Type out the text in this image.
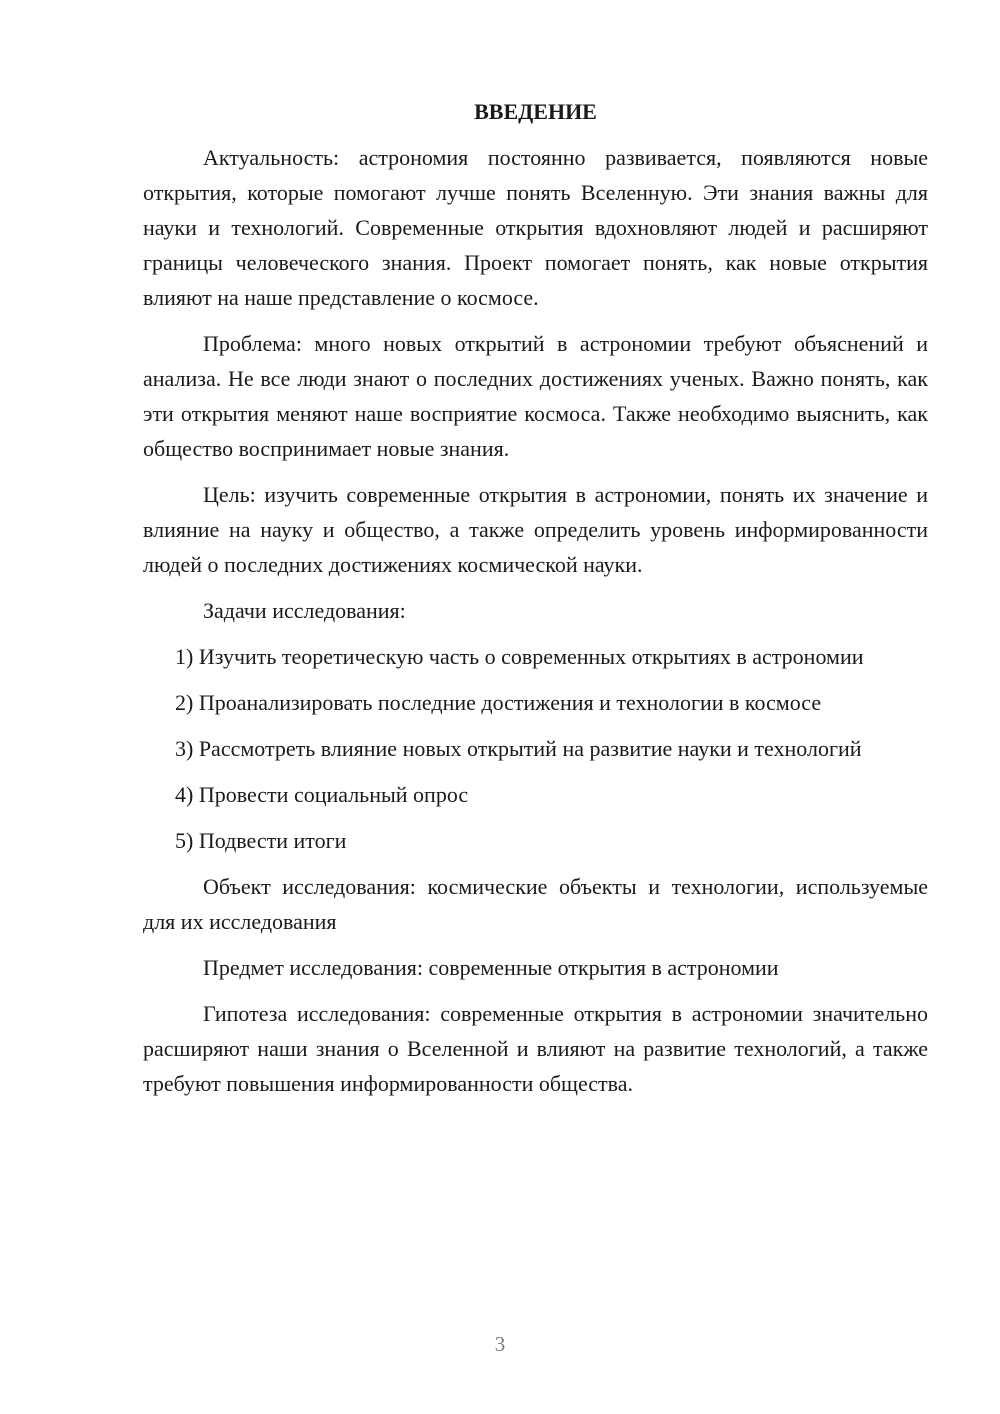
ВВЕДЕНИЕ
Актуальность: астрономия постоянно развивается, появляются новые открытия, которые помогают лучше понять Вселенную. Эти знания важны для науки и технологий. Современные открытия вдохновляют людей и расширяют границы человеческого знания. Проект помогает понять, как новые открытия влияют на наше представление о космосе.
Проблема: много новых открытий в астрономии требуют объяснений и анализа. Не все люди знают о последних достижениях ученых. Важно понять, как эти открытия меняют наше восприятие космоса. Также необходимо выяснить, как общество воспринимает новые знания.
Цель: изучить современные открытия в астрономии, понять их значение и влияние на науку и общество, а также определить уровень информированности людей о последних достижениях космической науки.
Задачи исследования:
1) Изучить теоретическую часть о современных открытиях в астрономии
2) Проанализировать последние достижения и технологии в космосе
3) Рассмотреть влияние новых открытий на развитие науки и технологий
4) Провести социальный опрос
5) Подвести итоги
Объект исследования: космические объекты и технологии, используемые для их исследования
Предмет исследования: современные открытия в астрономии
Гипотеза исследования: современные открытия в астрономии значительно расширяют наши знания о Вселенной и влияют на развитие технологий, а также требуют повышения информированности общества.
3
